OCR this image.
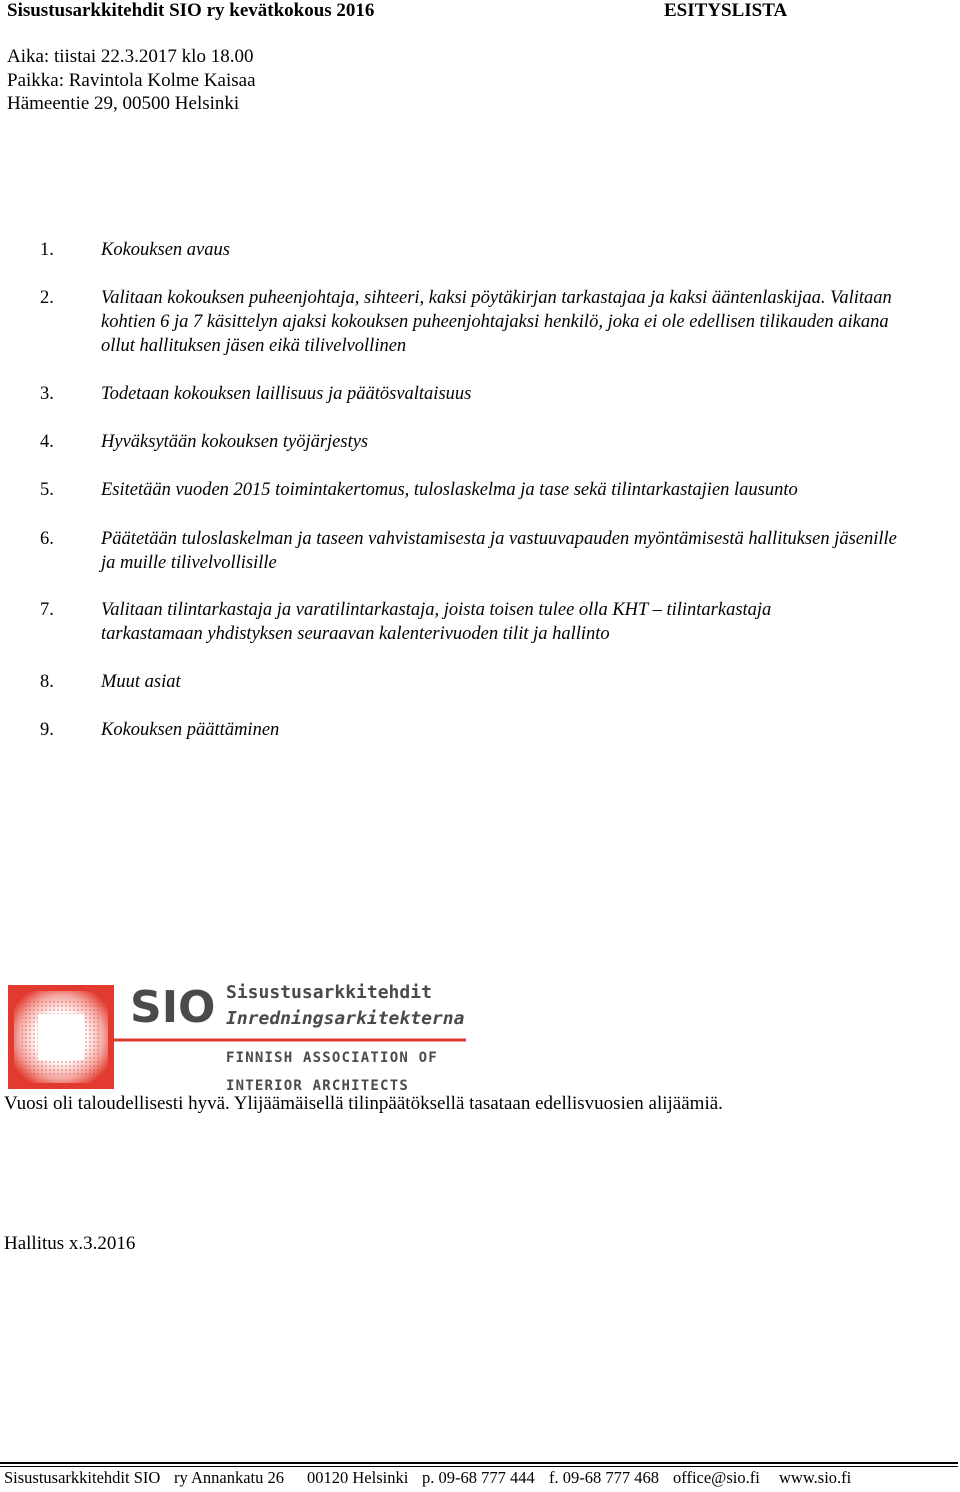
Sisustusarkkitehdit SIO ry kevätkokous 2016	ESITYSLISTA
Aika: tiistai 22.3.2017 klo 18.00
Paikka: Ravintola Kolme Kaisaa
Hämeentie 29, 00500 Helsinki
1.	Kokouksen avaus
2.	Valitaan kokouksen puheenjohtaja, sihteeri, kaksi pöytäkirjan tarkastajaa ja kaksi ääntenlaskijaa. Valitaan kohtien 6 ja 7 käsittelyn ajaksi kokouksen puheenjohtajaksi henkilö, joka ei ole edellisen tilikauden aikana ollut hallituksen jäsen eikä tilivelvollinen
3.	Todetaan kokouksen laillisuus ja päätösvaltaisuus
4.	Hyväksytään kokouksen työjärjestys
5.	Esitetään vuoden 2015 toimintakertomus, tuloslaskelma ja tase sekä tilintarkastajien lausunto
6.	Päätetään tuloslaskelman ja taseen vahvistamisesta ja vastuuvapauden myöntämisestä hallituksen jäsenille ja muille tilivelvollisille
7.	Valitaan tilintarkastaja ja varatilintarkastaja, joista toisen tulee olla KHT – tilintarkastaja tarkastamaan yhdistyksen seuraavan kalenterivuoden tilit ja hallinto
8.	Muut asiat
9.	Kokouksen päättäminen
SIO Sisustusarkkitehdit
Inredningsarkitekterna
FINNISH ASSOCIATION OF
INTERIOR ARCHITECTS
Vuosi oli taloudellisesti hyvä. Ylijäämäisellä tilinpäätöksellä tasataan edellisvuosien alijäämiä.
Hallitus x.3.2016
Sisustusarkkitehdit SIO ry Annankatu 26 00120 Helsinki p. 09-68 777 444 f. 09-68 777 468 office@sio.fi www.sio.fi
